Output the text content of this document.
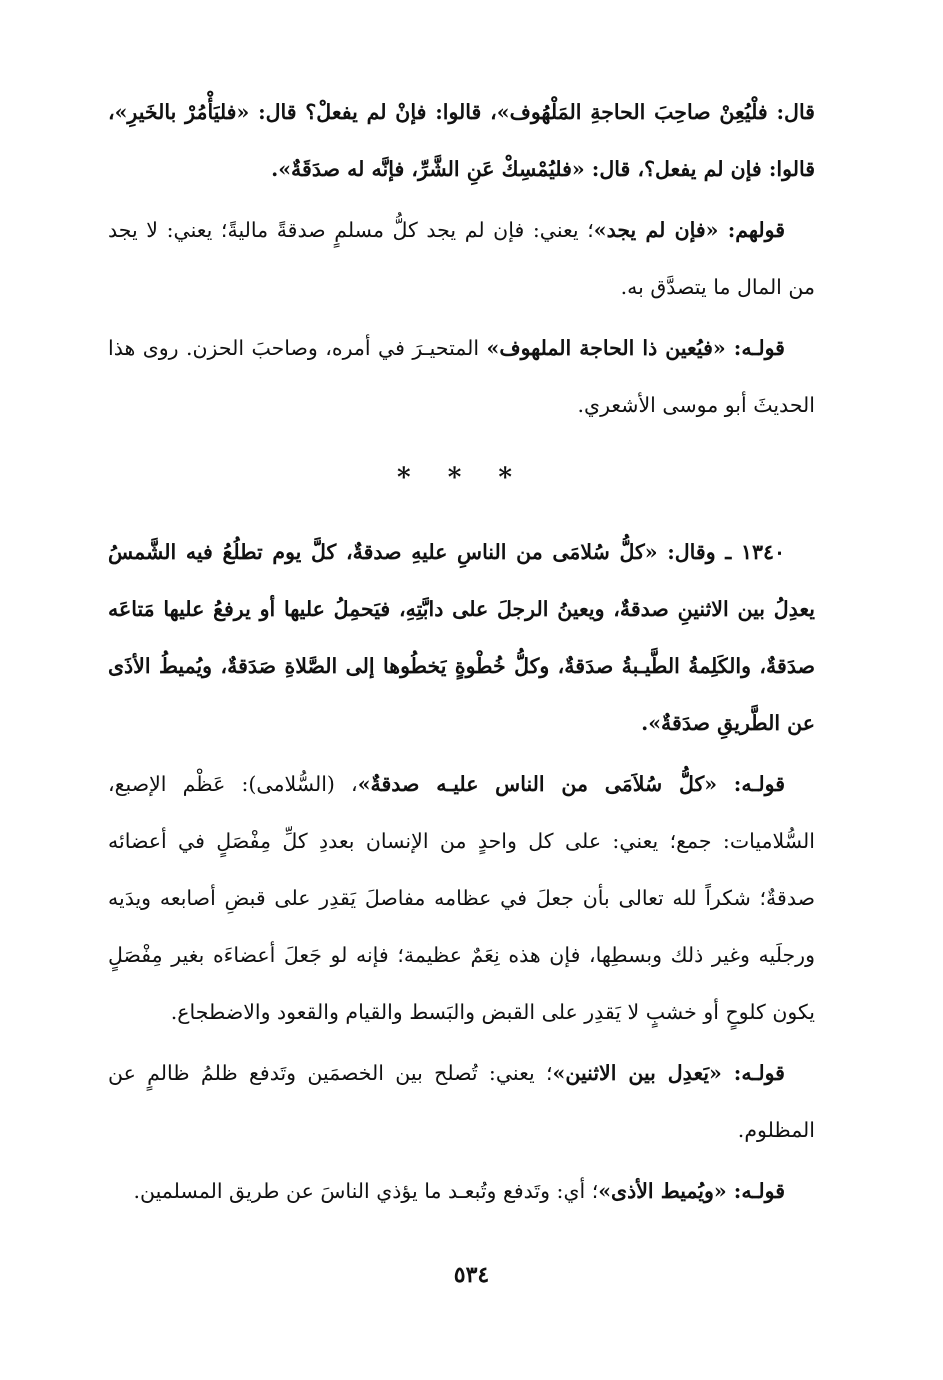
قال: فلْيُعِنْ صاحِبَ الحاجةِ المَلْهُوف»، قالوا: فإنْ لم يفعلْ؟ قال: «فليَأْمُرْ بالخَيرِ»، قالوا: فإن لم يفعل؟، قال: «فليُمْسِكْ عَنِ الشَّرِّ، فإنَّه له صدَقَةٌ».

قولهم: «فإن لم يجد»؛ يعني: فإن لم يجد كلُّ مسلمٍ صدقةً ماليةً؛ يعني: لا يجد من المال ما يتصدَّق به.

قولـه: «فيُعين ذا الحاجة الملهوف» المتحيـرَ في أمره، وصاحبَ الحزن. روى هذا الحديثَ أبو موسى الأشعري.

* * *

١٣٤٠ ـ وقال: «كلُّ سُلامَى من الناسِ عليهِ صدقةٌ، كلَّ يوم تطلُعُ فيه الشَّمسُ يعدِلُ بين الاثنينِ صدقةٌ، ويعينُ الرجلَ على دابَّتِهِ، فيَحمِلُ عليها أو يرفعُ عليها مَتاعَه صدَقةٌ، والكَلِمةُ الطَّيـبةُ صدَقةٌ، وكلُّ خُطْوةٍ يَخطُوها إلى الصَّلاةِ صَدَقةٌ، ويُميطُ الأذَى عن الطَّريقِ صدَقةٌ».

قولـه: «كلُّ سُلاَمَى من الناس عليـه صدقةٌ»، (السُّلامى): عَظْم الإصبع، السُّلاميات: جمع؛ يعني: على كل واحدٍ من الإنسان بعددِ كلِّ مِفْصَلٍ في أعضائه صدقةٌ؛ شكراً لله تعالى بأن جعلَ في عظامه مفاصلَ يَقدِر على قبضِ أصابعه ويدَيه ورجلَيه وغير ذلك وبسطِها، فإن هذه نِعَمٌ عظيمة؛ فإنه لو جَعلَ أعضاءَه بغير مِفْصَلٍ يكون كلوحٍ أو خشبٍ لا يَقدِر على القبض والبَسط والقيام والقعود والاضطجاع.

قولـه: «يَعدِل بين الاثنين»؛ يعني: تُصلح بين الخصمَين وتَدفع ظلمُ ظالمٍ عن المظلوم.

قولـه: «ويُميط الأذى»؛ أي: وتَدفع وتُبعـد ما يؤذي الناسَ عن طريق المسلمين.

٥٣٤
